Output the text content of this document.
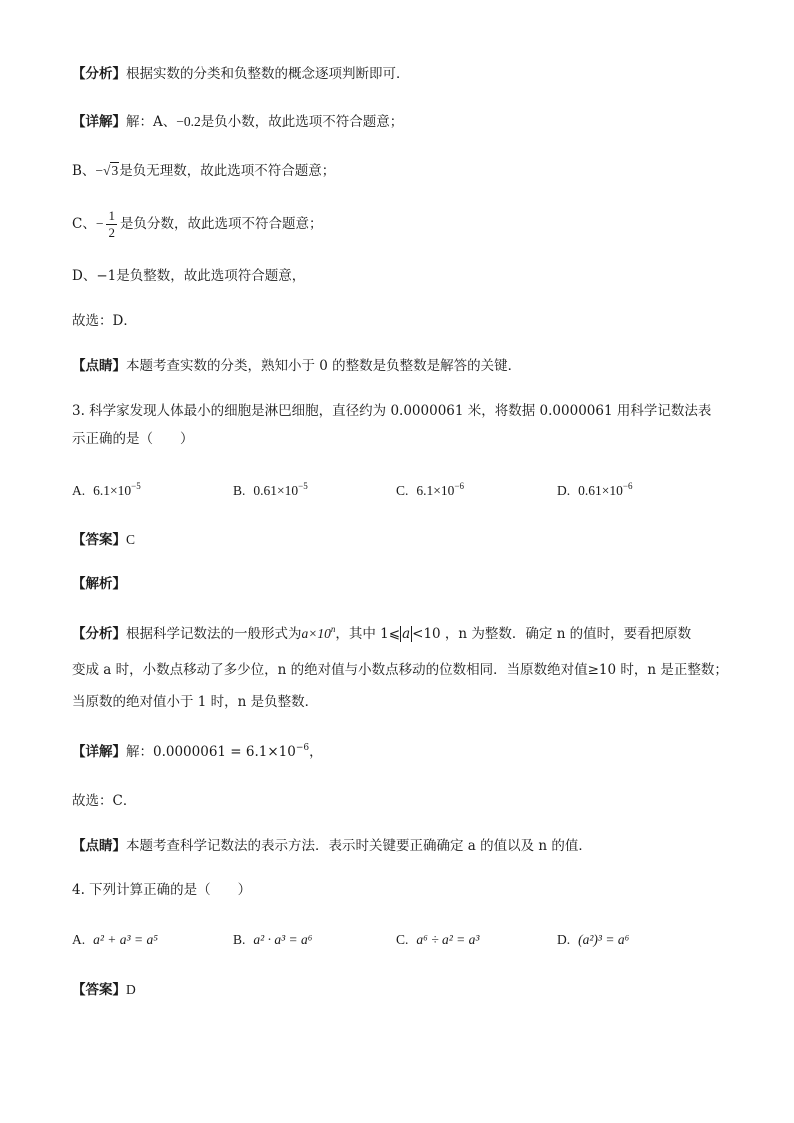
【分析】根据实数的分类和负整数的概念逐项判断即可．
【详解】解：A、−0.2是负小数，故此选项不符合题意；
B、−√3是负无理数，故此选项不符合题意；
C、− $\frac{1}{2}$ 是负分数，故此选项不符合题意；
D、−1是负整数，故此选项符合题意，
故选：D．
【点睛】本题考查实数的分类，熟知小于 0 的整数是负整数是解答的关键．
3. 科学家发现人体最小的细胞是淋巴细胞，直径约为 0.0000061 米，将数据 0.0000061 用科学记数法表
示正确的是（　　）
A. $6.1\times 10^{-5}$	B. $0.61\times 10^{-5}$	C. $6.1\times 10^{-6}$	D. $0.61\times 10^{-6}$
【答案】C
【解析】
【分析】根据科学记数法的一般形式为$a\times 10^n$，其中 1⩽ a <10 ，n 为整数．确定 n 的值时，要看把原数
变成 a 时，小数点移动了多少位，n 的绝对值与小数点移动的位数相同．当原数绝对值≥10 时，n 是正整数；
当原数的绝对值小于 1 时，n 是负整数．
【详解】解：$0.0000061 = 6.1\times 10^{-6}$，
故选：C．
【点睛】本题考查科学记数法的表示方法．表示时关键要正确确定 a 的值以及 n 的值．
4. 下列计算正确的是（　　）
A. a² + a³ = a⁵	B. a² · a³ = a⁶	C. a⁶ ÷ a² = a³	D. (a²)³ = a⁶
【答案】D
